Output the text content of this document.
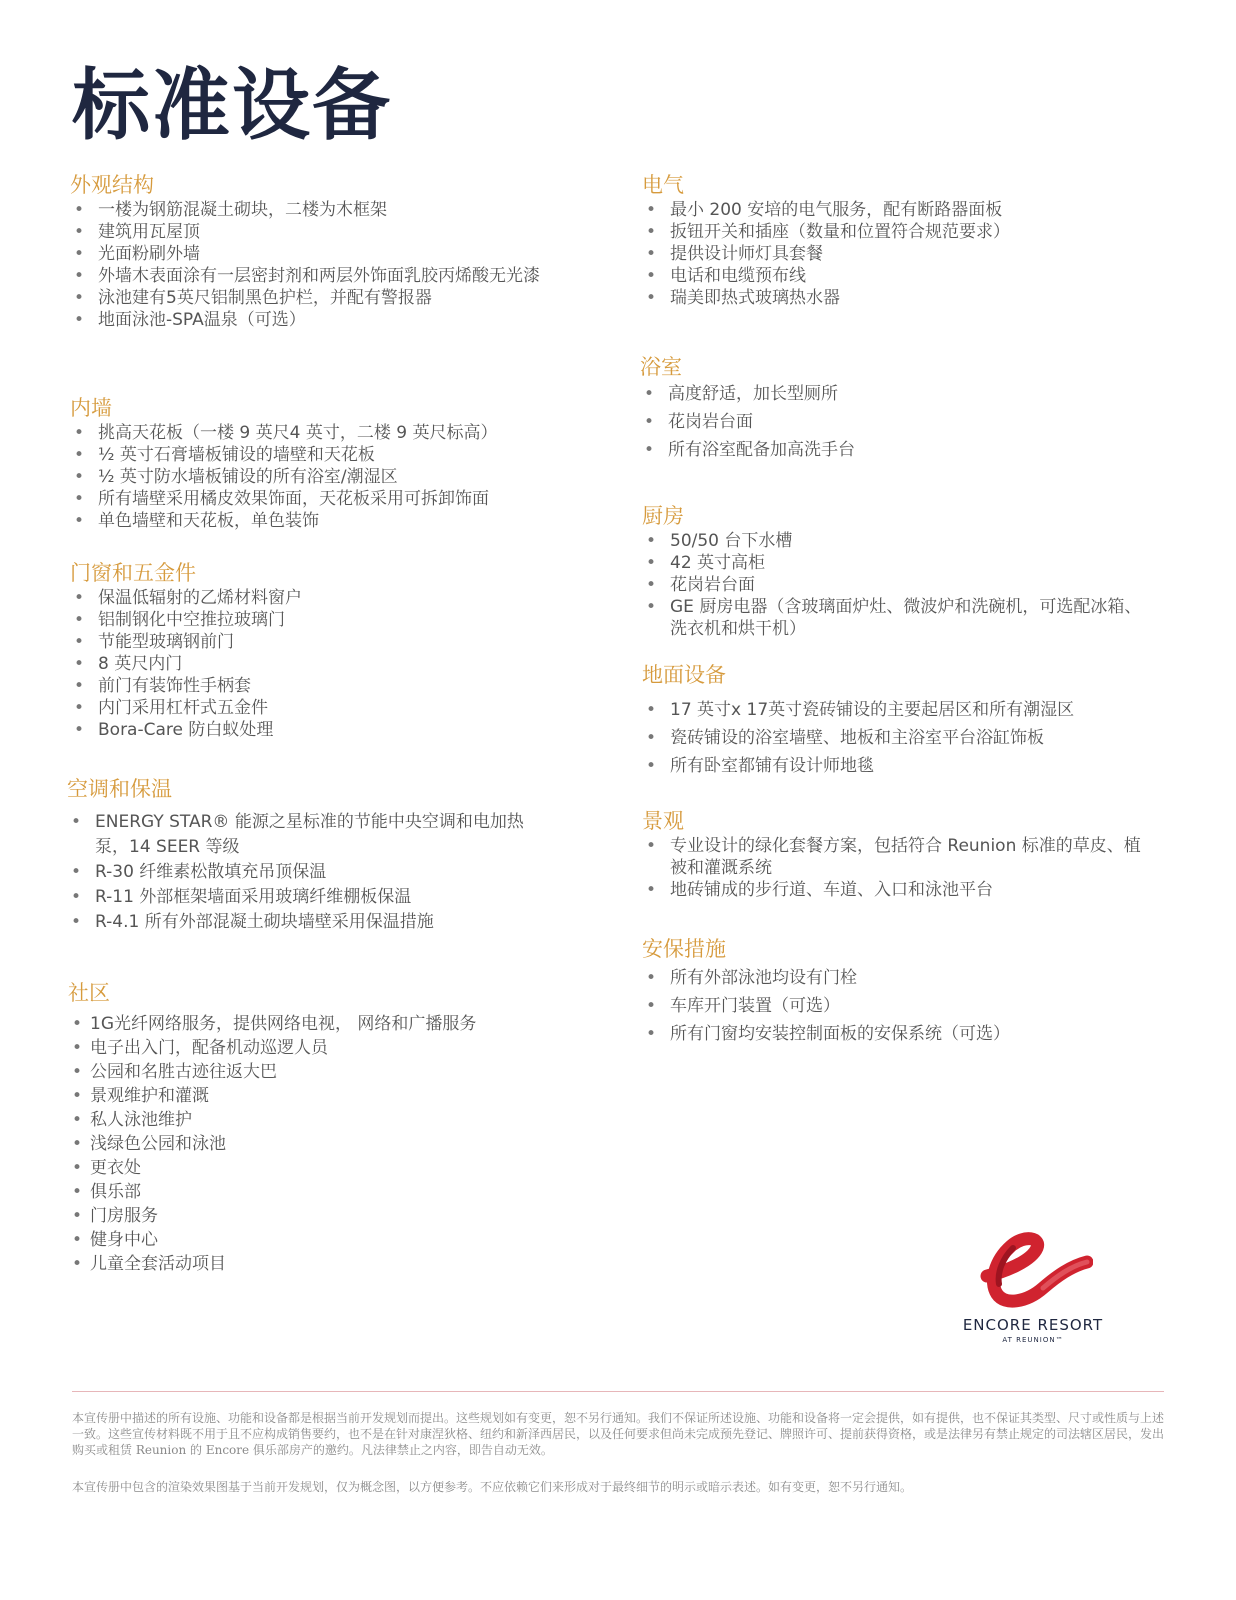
标准设备
外观结构
• 一楼为钢筋混凝土砌块，二楼为木框架
• 建筑用瓦屋顶
• 光面粉刷外墙
• 外墙木表面涂有一层密封剂和两层外饰面乳胶丙烯酸无光漆
• 泳池建有5英尺铝制黑色护栏，并配有警报器
• 地面泳池-SPA温泉（可选）
内墙
• 挑高天花板（一楼 9 英尺4 英寸，二楼 9 英尺标高）
• ½ 英寸石膏墙板铺设的墙壁和天花板
• ½ 英寸防水墙板铺设的所有浴室/潮湿区
• 所有墙壁采用橘皮效果饰面，天花板采用可拆卸饰面
• 单色墙壁和天花板，单色装饰
门窗和五金件
• 保温低辐射的乙烯材料窗户
• 铝制钢化中空推拉玻璃门
• 节能型玻璃钢前门
• 8 英尺内门
• 前门有装饰性手柄套
• 内门采用杠杆式五金件
• Bora-Care 防白蚁处理
空调和保温
• ENERGY STAR® 能源之星标准的节能中央空调和电加热泵，14 SEER 等级
• R-30 纤维素松散填充吊顶保温
• R-11 外部框架墙面采用玻璃纤维棚板保温
• R-4.1 所有外部混凝土砌块墙壁采用保温措施
社区
• 1G光纤网络服务，提供网络电视， 网络和广播服务
• 电子出入门，配备机动巡逻人员
• 公园和名胜古迹往返大巴
• 景观维护和灌溉
• 私人泳池维护
• 浅绿色公园和泳池
• 更衣处
• 俱乐部
• 门房服务
• 健身中心
• 儿童全套活动项目
电气
• 最小 200 安培的电气服务，配有断路器面板
• 扳钮开关和插座（数量和位置符合规范要求）
• 提供设计师灯具套餐
• 电话和电缆预布线
• 瑞美即热式玻璃热水器
浴室
• 高度舒适，加长型厕所
• 花岗岩台面
• 所有浴室配备加高洗手台
厨房
• 50/50 台下水槽
• 42 英寸高柜
• 花岗岩台面
• GE 厨房电器（含玻璃面炉灶、微波炉和洗碗机，可选配冰箱、洗衣机和烘干机）
地面设备
• 17 英寸x 17英寸瓷砖铺设的主要起居区和所有潮湿区
• 瓷砖铺设的浴室墙壁、地板和主浴室平台浴缸饰板
• 所有卧室都铺有设计师地毯
景观
• 专业设计的绿化套餐方案，包括符合 Reunion 标准的草皮、植被和灌溉系统
• 地砖铺成的步行道、车道、入口和泳池平台
安保措施
• 所有外部泳池均设有门栓
• 车库开门装置（可选）
• 所有门窗均安装控制面板的安保系统（可选）
ENCORE RESORT
AT REUNION™

本宣传册中描述的所有设施、功能和设备都是根据当前开发规划而提出。这些规划如有变更，恕不另行通知。我们不保证所述设施、功能和设备将一定会提供，如有提供，也不保证其类型、尺寸或性质与上述一致。这些宣传材料既不用于且不应构成销售要约，也不是在针对康涅狄格、纽约和新泽西居民，以及任何要求但尚未完成预先登记、牌照许可、提前获得资格，或是法律另有禁止规定的司法辖区居民，发出购买或租赁 Reunion 的 Encore 俱乐部房产的邀约。凡法律禁止之内容，即告自动无效。

本宣传册中包含的渲染效果图基于当前开发规划，仅为概念图，以方便参考。不应依赖它们来形成对于最终细节的明示或暗示表述。如有变更，恕不另行通知。
